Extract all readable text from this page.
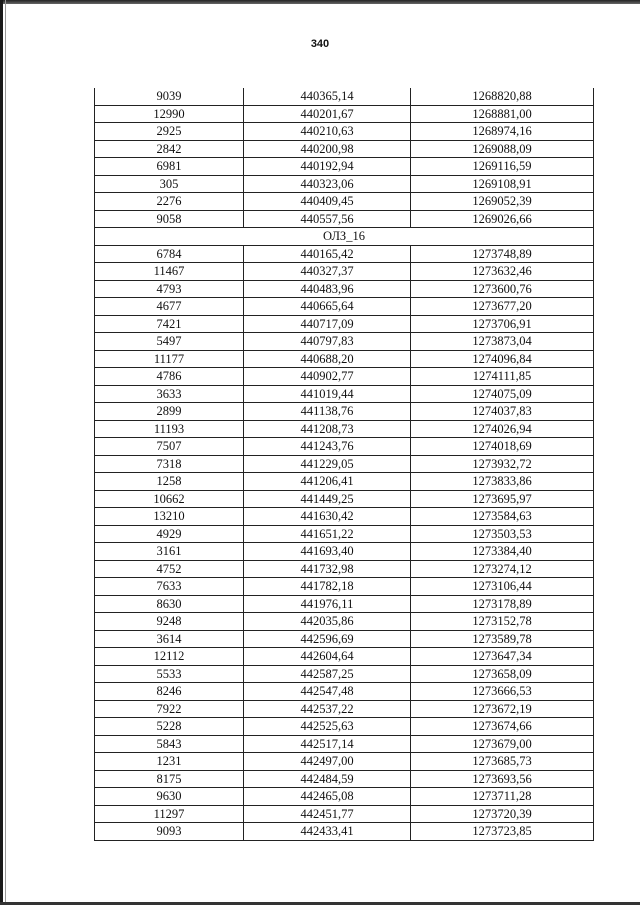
340
9039	440365,14	1268820,88
12990	440201,67	1268881,00
2925	440210,63	1268974,16
2842	440200,98	1269088,09
6981	440192,94	1269116,59
305	440323,06	1269108,91
2276	440409,45	1269052,39
9058	440557,56	1269026,66
ОЛЗ_16		
6784	440165,42	1273748,89
11467	440327,37	1273632,46
4793	440483,96	1273600,76
4677	440665,64	1273677,20
7421	440717,09	1273706,91
5497	440797,83	1273873,04
11177	440688,20	1274096,84
4786	440902,77	1274111,85
3633	441019,44	1274075,09
2899	441138,76	1274037,83
11193	441208,73	1274026,94
7507	441243,76	1274018,69
7318	441229,05	1273932,72
1258	441206,41	1273833,86
10662	441449,25	1273695,97
13210	441630,42	1273584,63
4929	441651,22	1273503,53
3161	441693,40	1273384,40
4752	441732,98	1273274,12
7633	441782,18	1273106,44
8630	441976,11	1273178,89
9248	442035,86	1273152,78
3614	442596,69	1273589,78
12112	442604,64	1273647,34
5533	442587,25	1273658,09
8246	442547,48	1273666,53
7922	442537,22	1273672,19
5228	442525,63	1273674,66
5843	442517,14	1273679,00
1231	442497,00	1273685,73
8175	442484,59	1273693,56
9630	442465,08	1273711,28
11297	442451,77	1273720,39
9093	442433,41	1273723,85
